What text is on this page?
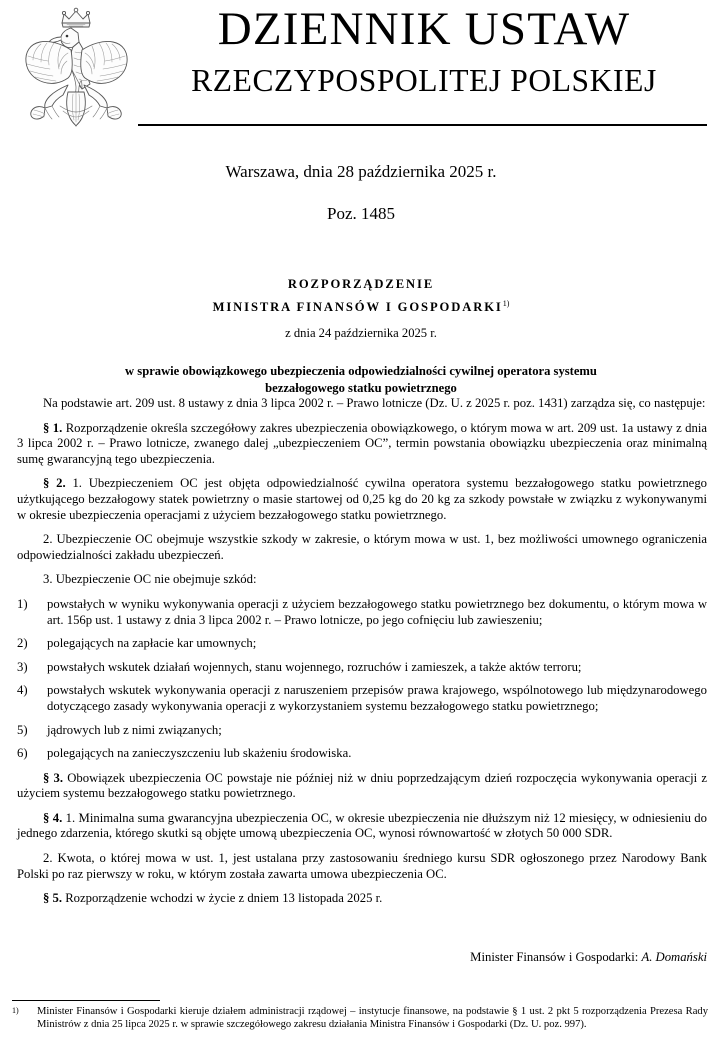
DZIENNIK USTAW
RZECZYPOSPOLITEJ POLSKIEJ
Warszawa, dnia 28 października 2025 r.
Poz. 1485
ROZPORZĄDZENIE
MINISTRA FINANSÓW I GOSPODARKI$^{1)}$
z dnia 24 października 2025 r.
w sprawie obowiązkowego ubezpieczenia odpowiedzialności cywilnej operatora systemu
bezzałogowego statku powietrznego

Na podstawie art. 209 ust. 8 ustawy z dnia 3 lipca 2002 r. – Prawo lotnicze (Dz. U. z 2025 r. poz. 1431) zarządza się, co następuje:

§ 1. Rozporządzenie określa szczegółowy zakres ubezpieczenia obowiązkowego, o którym mowa w art. 209 ust. 1a ustawy z dnia 3 lipca 2002 r. – Prawo lotnicze, zwanego dalej „ubezpieczeniem OC”, termin powstania obowiązku ubezpieczenia oraz minimalną sumę gwarancyjną tego ubezpieczenia.

§ 2. 1. Ubezpieczeniem OC jest objęta odpowiedzialność cywilna operatora systemu bezzałogowego statku powietrznego użytkującego bezzałogowy statek powietrzny o masie startowej od 0,25 kg do 20 kg za szkody powstałe w związku z wykonywanymi w okresie ubezpieczenia operacjami z użyciem bezzałogowego statku powietrznego.

2. Ubezpieczenie OC obejmuje wszystkie szkody w zakresie, o którym mowa w ust. 1, bez możliwości umownego ograniczenia odpowiedzialności zakładu ubezpieczeń.

3. Ubezpieczenie OC nie obejmuje szkód:

1)	powstałych w wyniku wykonywania operacji z użyciem bezzałogowego statku powietrznego bez dokumentu, o którym mowa w art. 156p ust. 1 ustawy z dnia 3 lipca 2002 r. – Prawo lotnicze, po jego cofnięciu lub zawieszeniu;
2)	polegających na zapłacie kar umownych;
3)	powstałych wskutek działań wojennych, stanu wojennego, rozruchów i zamieszek, a także aktów terroru;
4)	powstałych wskutek wykonywania operacji z naruszeniem przepisów prawa krajowego, wspólnotowego lub międzynarodowego dotyczącego zasady wykonywania operacji z wykorzystaniem systemu bezzałogowego statku powietrznego;
5)	jądrowych lub z nimi związanych;
6)	polegających na zanieczyszczeniu lub skażeniu środowiska.

§ 3. Obowiązek ubezpieczenia OC powstaje nie później niż w dniu poprzedzającym dzień rozpoczęcia wykonywania operacji z użyciem systemu bezzałogowego statku powietrznego.

§ 4. 1. Minimalna suma gwarancyjna ubezpieczenia OC, w okresie ubezpieczenia nie dłuższym niż 12 miesięcy, w odniesieniu do jednego zdarzenia, którego skutki są objęte umową ubezpieczenia OC, wynosi równowartość w złotych 50 000 SDR.

2. Kwota, o której mowa w ust. 1, jest ustalana przy zastosowaniu średniego kursu SDR ogłoszonego przez Narodowy Bank Polski po raz pierwszy w roku, w którym została zawarta umowa ubezpieczenia OC.

§ 5. Rozporządzenie wchodzi w życie z dniem 13 listopada 2025 r.

Minister Finansów i Gospodarki: A. Domański
1) Minister Finansów i Gospodarki kieruje działem administracji rządowej – instytucje finansowe, na podstawie § 1 ust. 2 pkt 5 rozporządzenia Prezesa Rady Ministrów z dnia 25 lipca 2025 r. w sprawie szczegółowego zakresu działania Ministra Finansów i Gospodarki (Dz. U. poz. 997).
